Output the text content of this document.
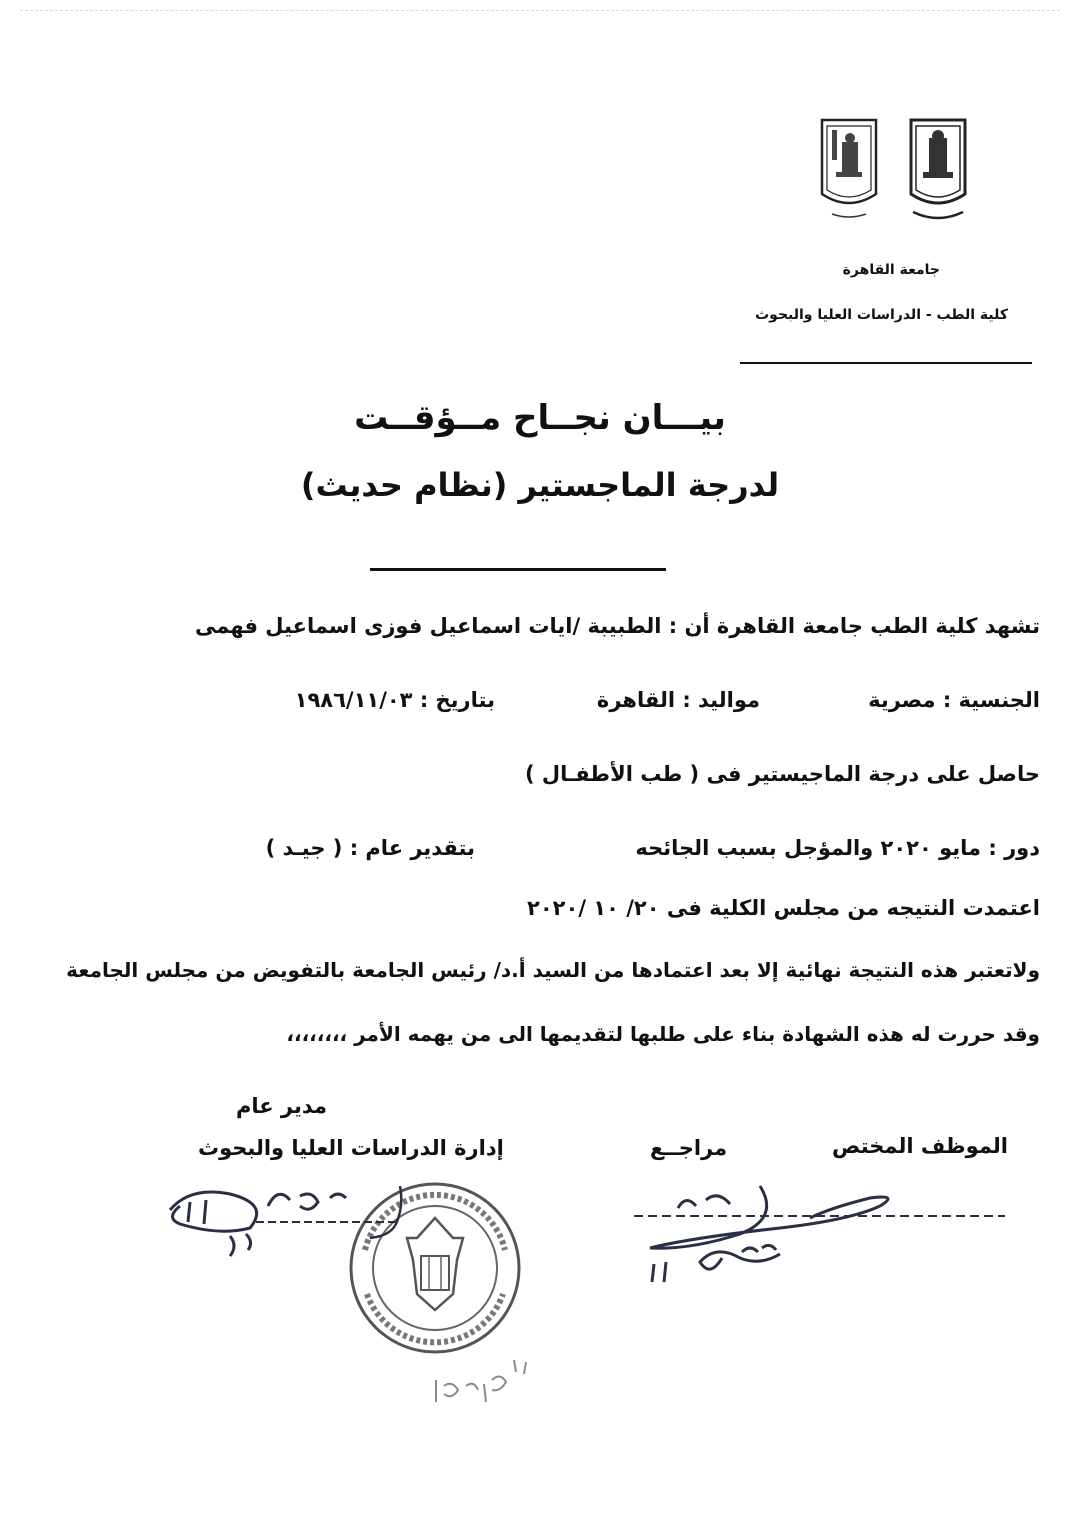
جامعة القاهرة
كلية الطب - الدراسات العليا والبحوث
بيـــان نجــاح مــؤقــت
لدرجة الماجستير (نظام حديث)
تشهد كلية الطب جامعة القاهرة أن : الطبيبة /ايات اسماعيل فوزى اسماعيل فهمى
الجنسية : مصرية
مواليد : القاهرة
بتاريخ : ١٩٨٦/١١/٠٣
حاصل على درجة الماجيستير فى ( طب الأطفـال )
دور : مايو ٢٠٢٠ والمؤجل بسبب الجائحه
بتقدير عام : ( جيـد )
اعتمدت النتيجه من مجلس الكلية فى ٢٠/ ١٠ /٢٠٢٠
ولاتعتبر هذه النتيجة نهائية إلا بعد اعتمادها من السيد أ.د/ رئيس الجامعة بالتفويض من مجلس الجامعة
وقد حررت له هذه الشهادة بناء على طلبها لتقديمها الى من يهمه الأمر ،،،،،،،،
مدير عام
إدارة الدراسات العليا والبحوث	مراجــع	الموظف المختص
